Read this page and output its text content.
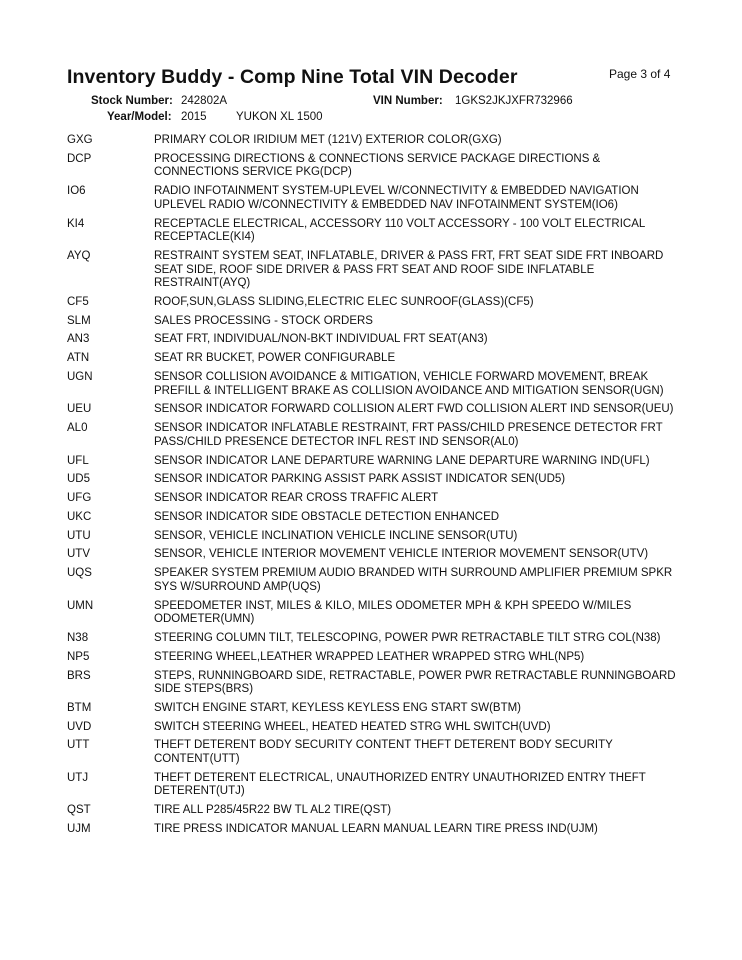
Inventory Buddy - Comp Nine Total VIN Decoder	Page 3 of 4
Stock Number: 242802A	VIN Number: 1GKS2JKJXFR732966
Year/Model: 2015	YUKON XL 1500
GXG	PRIMARY COLOR IRIDIUM MET (121V) EXTERIOR COLOR(GXG)
DCP	PROCESSING DIRECTIONS & CONNECTIONS SERVICE PACKAGE DIRECTIONS & CONNECTIONS SERVICE PKG(DCP)
IO6	RADIO INFOTAINMENT SYSTEM-UPLEVEL W/CONNECTIVITY & EMBEDDED NAVIGATION UPLEVEL RADIO W/CONNECTIVITY & EMBEDDED NAV INFOTAINMENT SYSTEM(IO6)
KI4	RECEPTACLE ELECTRICAL, ACCESSORY 110 VOLT ACCESSORY - 100 VOLT ELECTRICAL RECEPTACLE(KI4)
AYQ	RESTRAINT SYSTEM SEAT, INFLATABLE, DRIVER & PASS FRT, FRT SEAT SIDE FRT INBOARD SEAT SIDE, ROOF SIDE DRIVER & PASS FRT SEAT AND ROOF SIDE INFLATABLE RESTRAINT(AYQ)
CF5	ROOF,SUN,GLASS SLIDING,ELECTRIC ELEC SUNROOF(GLASS)(CF5)
SLM	SALES PROCESSING - STOCK ORDERS
AN3	SEAT FRT, INDIVIDUAL/NON-BKT INDIVIDUAL FRT SEAT(AN3)
ATN	SEAT RR BUCKET, POWER CONFIGURABLE
UGN	SENSOR COLLISION AVOIDANCE & MITIGATION, VEHICLE FORWARD MOVEMENT, BREAK PREFILL & INTELLIGENT BRAKE AS COLLISION AVOIDANCE AND MITIGATION SENSOR(UGN)
UEU	SENSOR INDICATOR FORWARD COLLISION ALERT FWD COLLISION ALERT IND SENSOR(UEU)
AL0	SENSOR INDICATOR INFLATABLE RESTRAINT, FRT PASS/CHILD PRESENCE DETECTOR FRT PASS/CHILD PRESENCE DETECTOR INFL REST IND SENSOR(AL0)
UFL	SENSOR INDICATOR LANE DEPARTURE WARNING LANE DEPARTURE WARNING IND(UFL)
UD5	SENSOR INDICATOR PARKING ASSIST PARK ASSIST INDICATOR SEN(UD5)
UFG	SENSOR INDICATOR REAR CROSS TRAFFIC ALERT
UKC	SENSOR INDICATOR SIDE OBSTACLE DETECTION ENHANCED
UTU	SENSOR, VEHICLE INCLINATION VEHICLE INCLINE SENSOR(UTU)
UTV	SENSOR, VEHICLE INTERIOR MOVEMENT VEHICLE INTERIOR MOVEMENT SENSOR(UTV)
UQS	SPEAKER SYSTEM PREMIUM AUDIO BRANDED WITH SURROUND AMPLIFIER PREMIUM SPKR SYS W/SURROUND AMP(UQS)
UMN	SPEEDOMETER INST, MILES & KILO, MILES ODOMETER MPH & KPH SPEEDO W/MILES ODOMETER(UMN)
N38	STEERING COLUMN TILT, TELESCOPING, POWER PWR RETRACTABLE TILT STRG COL(N38)
NP5	STEERING WHEEL,LEATHER WRAPPED LEATHER WRAPPED STRG WHL(NP5)
BRS	STEPS, RUNNINGBOARD SIDE, RETRACTABLE, POWER PWR RETRACTABLE RUNNINGBOARD SIDE STEPS(BRS)
BTM	SWITCH ENGINE START, KEYLESS KEYLESS ENG START SW(BTM)
UVD	SWITCH STEERING WHEEL, HEATED HEATED STRG WHL SWITCH(UVD)
UTT	THEFT DETERENT BODY SECURITY CONTENT THEFT DETERENT BODY SECURITY CONTENT(UTT)
UTJ	THEFT DETERENT ELECTRICAL, UNAUTHORIZED ENTRY UNAUTHORIZED ENTRY THEFT DETERENT(UTJ)
QST	TIRE ALL P285/45R22 BW TL AL2 TIRE(QST)
UJM	TIRE PRESS INDICATOR MANUAL LEARN MANUAL LEARN TIRE PRESS IND(UJM)
